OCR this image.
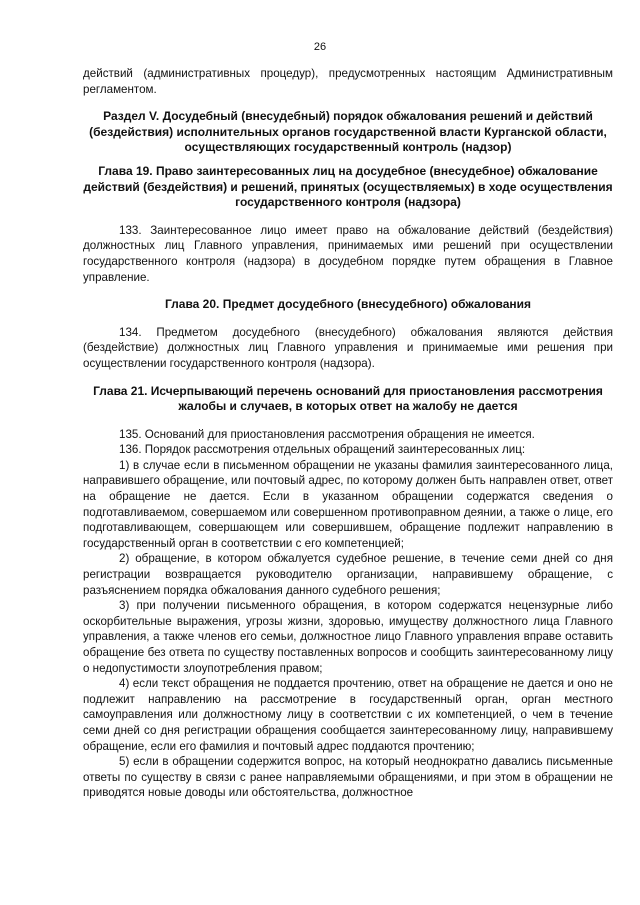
26

действий (административных процедур), предусмотренных настоящим Административным регламентом.

Раздел V. Досудебный (внесудебный) порядок обжалования решений и действий (бездействия) исполнительных органов государственной власти Курганской области, осуществляющих государственный контроль (надзор)

Глава 19. Право заинтересованных лиц на досудебное (внесудебное) обжалование действий (бездействия) и решений, принятых (осуществляемых) в ходе осуществления государственного контроля (надзора)

133. Заинтересованное лицо имеет право на обжалование действий (бездействия) должностных лиц Главного управления, принимаемых ими решений при осуществлении государственного контроля (надзора) в досудебном порядке путем обращения в Главное управление.

Глава 20. Предмет досудебного (внесудебного) обжалования

134. Предметом досудебного (внесудебного) обжалования являются действия (бездействие) должностных лиц Главного управления и принимаемые ими решения при осуществлении государственного контроля (надзора).

Глава 21. Исчерпывающий перечень оснований для приостановления рассмотрения жалобы и случаев, в которых ответ на жалобу не дается

135. Оснований для приостановления рассмотрения обращения не имеется.

136. Порядок рассмотрения отдельных обращений заинтересованных лиц:

1) в случае если в письменном обращении не указаны фамилия заинтересованного лица, направившего обращение, или почтовый адрес, по которому должен быть направлен ответ, ответ на обращение не дается. Если в указанном обращении содержатся сведения о подготавливаемом, совершаемом или совершенном противоправном деянии, а также о лице, его подготавливающем, совершающем или совершившем, обращение подлежит направлению в государственный орган в соответствии с его компетенцией;

2) обращение, в котором обжалуется судебное решение, в течение семи дней со дня регистрации возвращается руководителю организации, направившему обращение, с разъяснением порядка обжалования данного судебного решения;

3) при получении письменного обращения, в котором содержатся нецензурные либо оскорбительные выражения, угрозы жизни, здоровью, имуществу должностного лица Главного управления, а также членов его семьи, должностное лицо Главного управления вправе оставить обращение без ответа по существу поставленных вопросов и сообщить заинтересованному лицу о недопустимости злоупотребления правом;

4) если текст обращения не поддается прочтению, ответ на обращение не дается и оно не подлежит направлению на рассмотрение в государственный орган, орган местного самоуправления или должностному лицу в соответствии с их компетенцией, о чем в течение семи дней со дня регистрации обращения сообщается заинтересованному лицу, направившему обращение, если его фамилия и почтовый адрес поддаются прочтению;

5) если в обращении содержится вопрос, на который неоднократно давались письменные ответы по существу в связи с ранее направляемыми обращениями, и при этом в обращении не приводятся новые доводы или обстоятельства, должностное
